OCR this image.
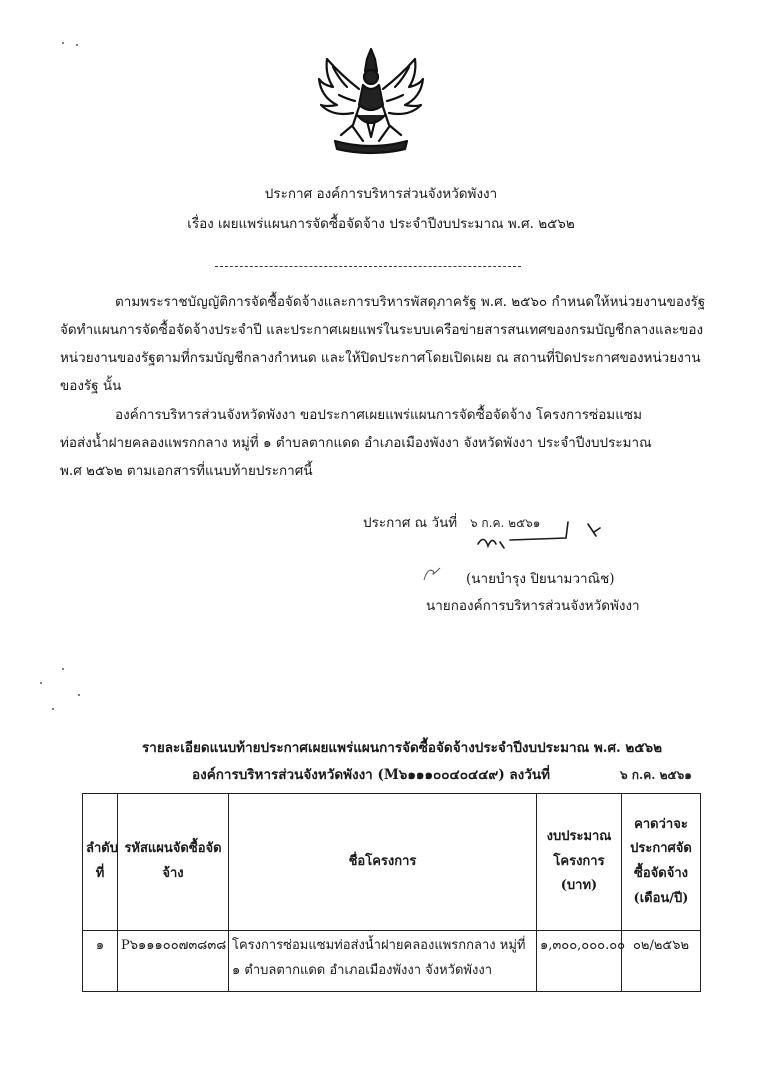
ประกาศ องค์การบริหารส่วนจังหวัดพังงา
เรื่อง เผยแพร่แผนการจัดซื้อจัดจ้าง ประจำปีงบประมาณ พ.ศ. ๒๕๖๒
ตามพระราชบัญญัติการจัดซื้อจัดจ้างและการบริหารพัสดุภาครัฐ พ.ศ. ๒๕๖๐ กำหนดให้หน่วยงานของรัฐ
จัดทำแผนการจัดซื้อจัดจ้างประจำปี และประกาศเผยแพร่ในระบบเครือข่ายสารสนเทศของกรมบัญชีกลางและของ
หน่วยงานของรัฐตามที่กรมบัญชีกลางกำหนด และให้ปิดประกาศโดยเปิดเผย ณ สถานที่ปิดประกาศของหน่วยงาน
ของรัฐ นั้น
องค์การบริหารส่วนจังหวัดพังงา ขอประกาศเผยแพร่แผนการจัดซื้อจัดจ้าง โครงการซ่อมแซม
ท่อส่งน้ำฝายคลองแพรกกลาง หมู่ที่ ๑ ตำบลตากแดด อำเภอเมืองพังงา จังหวัดพังงา ประจำปีงบประมาณ
พ.ศ ๒๕๖๒ ตามเอกสารที่แนบท้ายประกาศนี้
ประกาศ ณ วันที่ ๖ ก.ค. ๒๕๖๑
(นายบำรุง ปิยนามวาณิช)
นายกองค์การบริหารส่วนจังหวัดพังงา
รายละเอียดแนบท้ายประกาศเผยแพร่แผนการจัดซื้อจัดจ้างประจำปีงบประมาณ พ.ศ. ๒๕๖๒
องค์การบริหารส่วนจังหวัดพังงา (M๖๑๑๑๐๐๔๐๔๔๙) ลงวันที่	๖ ก.ค. ๒๕๖๑
ลำดับที่	รหัสแผนจัดซื้อจัดจ้าง	ชื่อโครงการ	งบประมาณ โครงการ (บาท)	คาดว่าจะประกาศจัดซื้อจัดจ้าง (เดือน/ปี)
๑	P๖๑๑๑๐๐๗๓๘๓๘	โครงการซ่อมแซมท่อส่งน้ำฝายคลองแพรกกลาง หมู่ที่ ๑ ตำบลตากแดด อำเภอเมืองพังงา จังหวัดพังงา	๑,๓๐๐,๐๐๐.๐๐	๐๒/๒๕๖๒
